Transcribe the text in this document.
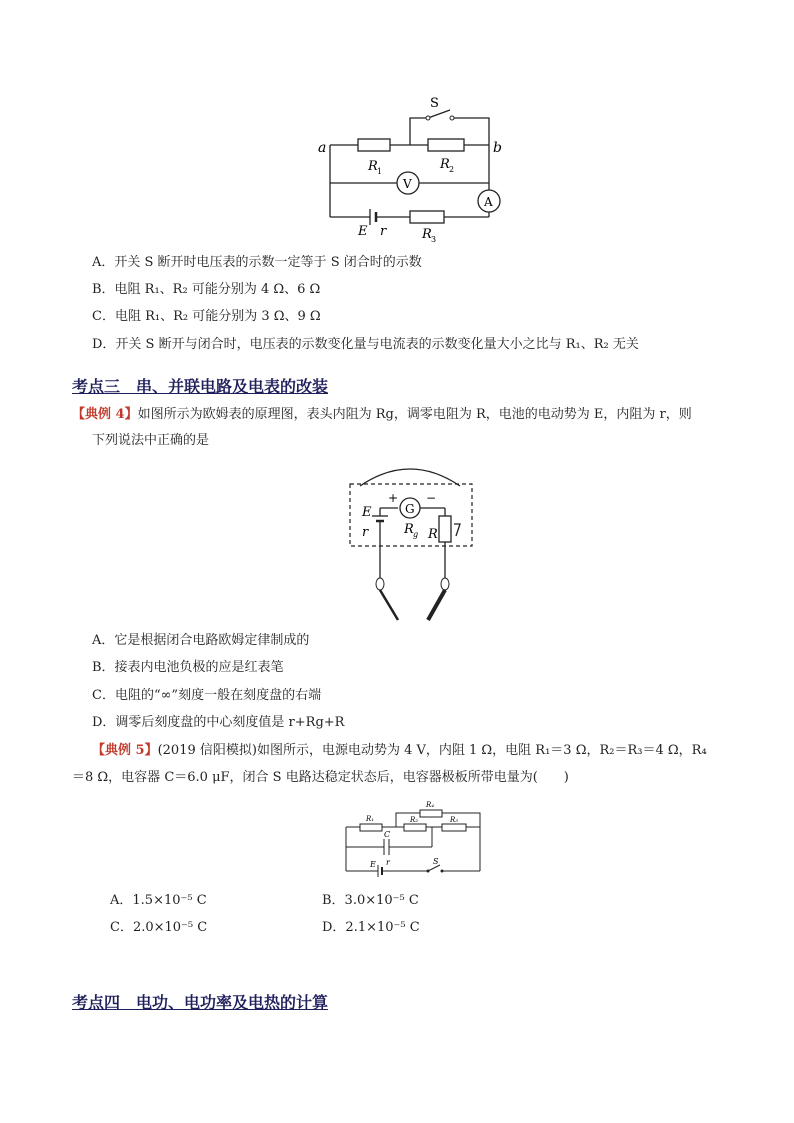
S
a	b
R 1	R 2
V
A
E r	R 3
A．开关 S 断开时电压表的示数一定等于 S 闭合时的示数
B．电阻 R₁、R₂ 可能分别为 4 Ω、6 Ω
C．电阻 R₁、R₂ 可能分别为 3 Ω、9 Ω
D．开关 S 断开与闭合时，电压表的示数变化量与电流表的示数变化量大小之比与 R₁、R₂ 无关
考点三　串、并联电路及电表的改装
【典例 4】如图所示为欧姆表的原理图，表头内阻为 Rg，调零电阻为 R，电池的电动势为 E，内阻为 r，则
下列说法中正确的是
E
r
+ −
G
R g R
A．它是根据闭合电路欧姆定律制成的
B．接表内电池负极的应是红表笔
C．电阻的“∞”刻度一般在刻度盘的右端
D．调零后刻度盘的中心刻度值是 r+Rg+R
【典例 5】(2019 信阳模拟)如图所示，电源电动势为 4 V，内阻 1 Ω，电阻 R₁＝3 Ω，R₂＝R₃＝4 Ω，R₄
＝8 Ω，电容器 C＝6.0 μF，闭合 S 电路达稳定状态后，电容器极板所带电量为(　　)
R₁	R₂	R₃
R₄
C
E r	S
A．1.5×10⁻⁵ C	B．3.0×10⁻⁵ C
C．2.0×10⁻⁵ C	D．2.1×10⁻⁵ C
考点四　电功、电功率及电热的计算
